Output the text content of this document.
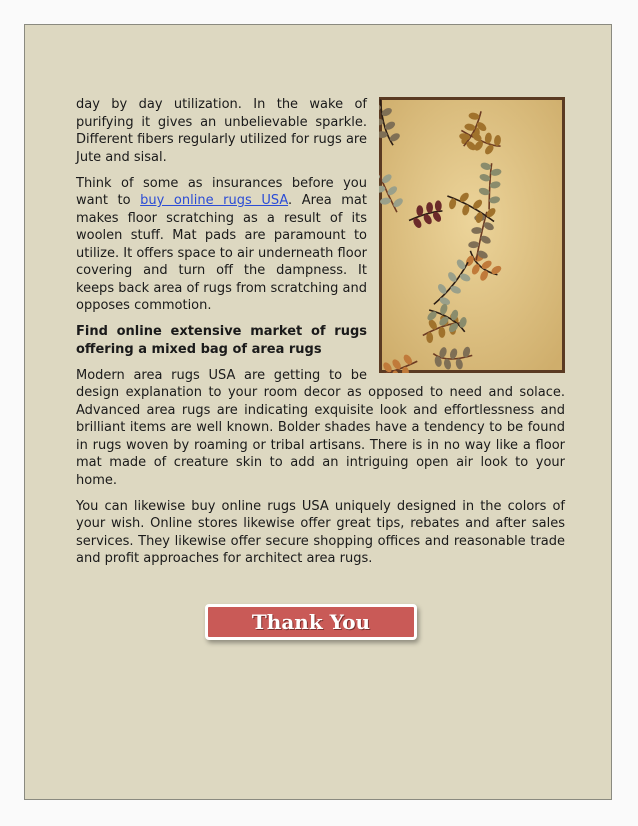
day by day utilization. In the wake of purifying it gives an unbelievable sparkle. Different fibers regularly utilized for rugs are Jute and sisal.

Think of some as insurances before you want to buy online rugs USA. Area mat makes floor scratching as a result of its woolen stuff. Mat pads are paramount to utilize. It offers space to air underneath floor covering and turn off the dampness. It keeps back area of rugs from scratching and opposes commotion.

Find online extensive market of rugs offering a mixed bag of area rugs

Modern area rugs USA are getting to be design explanation to your room decor as opposed to need and solace. Advanced area rugs are indicating exquisite look and effortlessness and brilliant items are well known. Bolder shades have a tendency to be found in rugs woven by roaming or tribal artisans. There is in no way like a floor mat made of creature skin to add an intriguing open air look to your home.

You can likewise buy online rugs USA uniquely designed in the colors of your wish. Online stores likewise offer great tips, rebates and after sales services. They likewise offer secure shopping offices and reasonable trade and profit approaches for architect area rugs.

Thank You
